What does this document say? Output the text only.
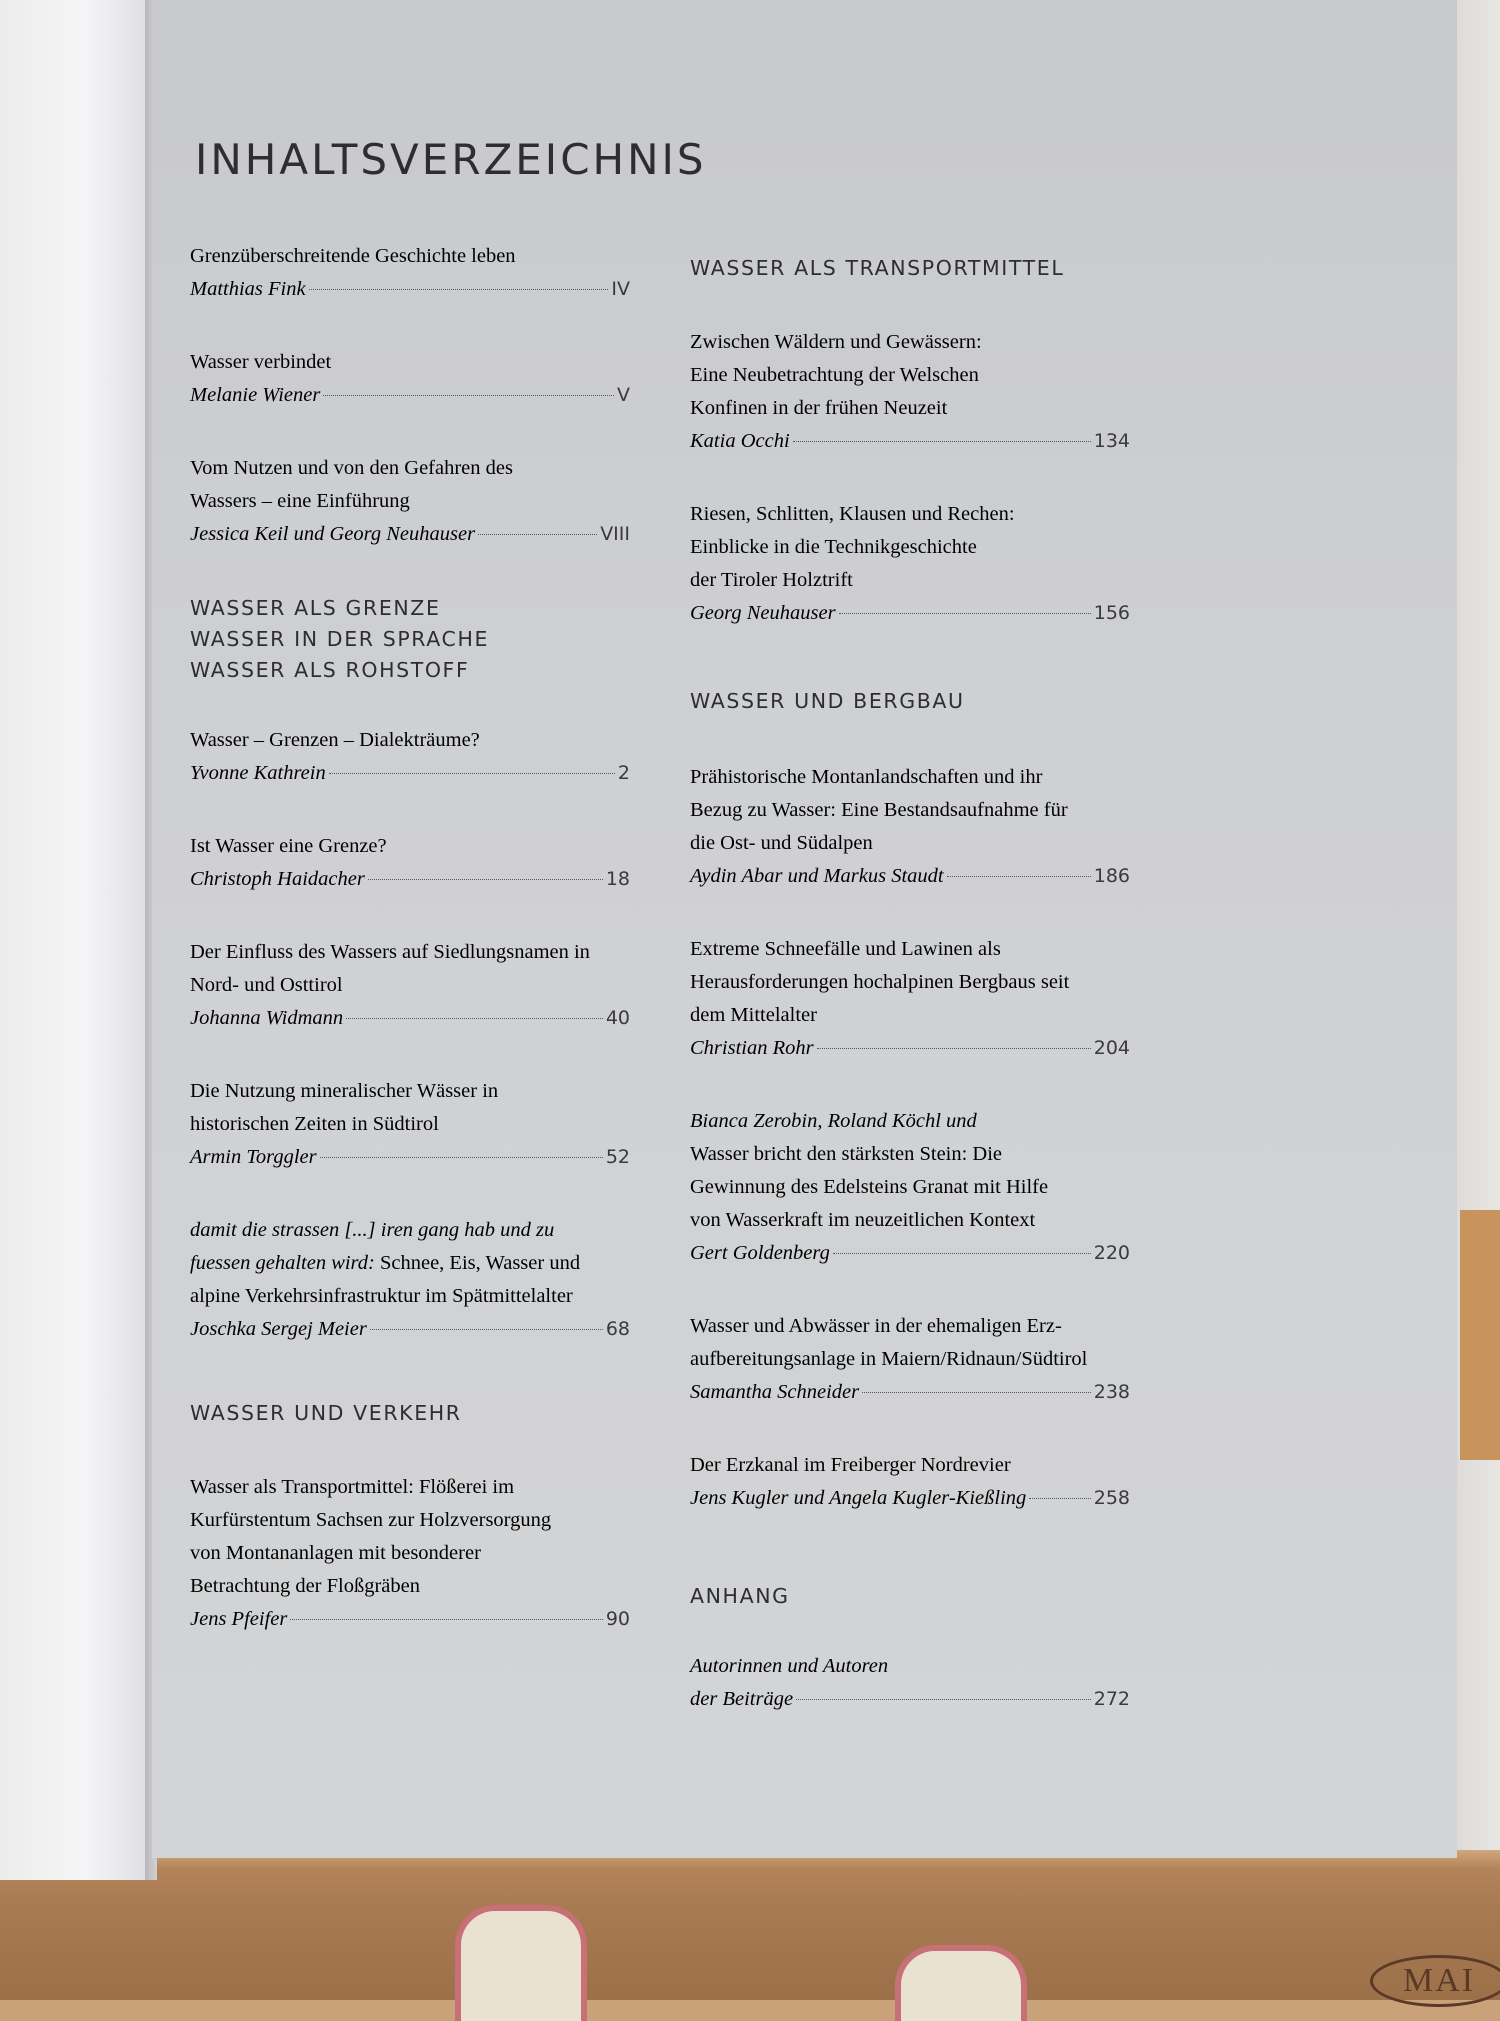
INHALTSVERZEICHNIS
Grenzüberschreitende Geschichte leben
Matthias Fink	IV
Wasser verbindet
Melanie Wiener	V
Vom Nutzen und von den Gefahren des
Wassers – eine Einführung
Jessica Keil und Georg Neuhauser	VIII
WASSER ALS GRENZE
WASSER IN DER SPRACHE
WASSER ALS ROHSTOFF
Wasser – Grenzen – Dialekträume?
Yvonne Kathrein	2
Ist Wasser eine Grenze?
Christoph Haidacher	18
Der Einfluss des Wassers auf Siedlungsnamen in
Nord- und Osttirol
Johanna Widmann	40
Die Nutzung mineralischer Wässer in
historischen Zeiten in Südtirol
Armin Torggler	52
damit die strassen [...] iren gang hab und zu
fuessen gehalten wird: Schnee, Eis, Wasser und
alpine Verkehrsinfrastruktur im Spätmittelalter
Joschka Sergej Meier	68
WASSER UND VERKEHR
Wasser als Transportmittel: Flößerei im
Kurfürstentum Sachsen zur Holzversorgung
von Montananlagen mit besonderer
Betrachtung der Floßgräben
Jens Pfeifer	90
WASSER ALS TRANSPORTMITTEL
Zwischen Wäldern und Gewässern:
Eine Neubetrachtung der Welschen
Konfinen in der frühen Neuzeit
Katia Occhi	134
Riesen, Schlitten, Klausen und Rechen:
Einblicke in die Technikgeschichte
der Tiroler Holztrift
Georg Neuhauser	156
WASSER UND BERGBAU
Prähistorische Montanlandschaften und ihr
Bezug zu Wasser: Eine Bestandsaufnahme für
die Ost- und Südalpen
Aydin Abar und Markus Staudt	186
Extreme Schneefälle und Lawinen als
Herausforderungen hochalpinen Bergbaus seit
dem Mittelalter
Christian Rohr	204
Bianca Zerobin, Roland Köchl und
Wasser bricht den stärksten Stein: Die
Gewinnung des Edelsteins Granat mit Hilfe
von Wasserkraft im neuzeitlichen Kontext
Gert Goldenberg	220
Wasser und Abwässer in der ehemaligen Erz-
aufbereitungsanlage in Maiern/Ridnaun/Südtirol
Samantha Schneider	238
Der Erzkanal im Freiberger Nordrevier
Jens Kugler und Angela Kugler-Kießling	258
ANHANG
Autorinnen und Autoren
der Beiträge	272
MAI
